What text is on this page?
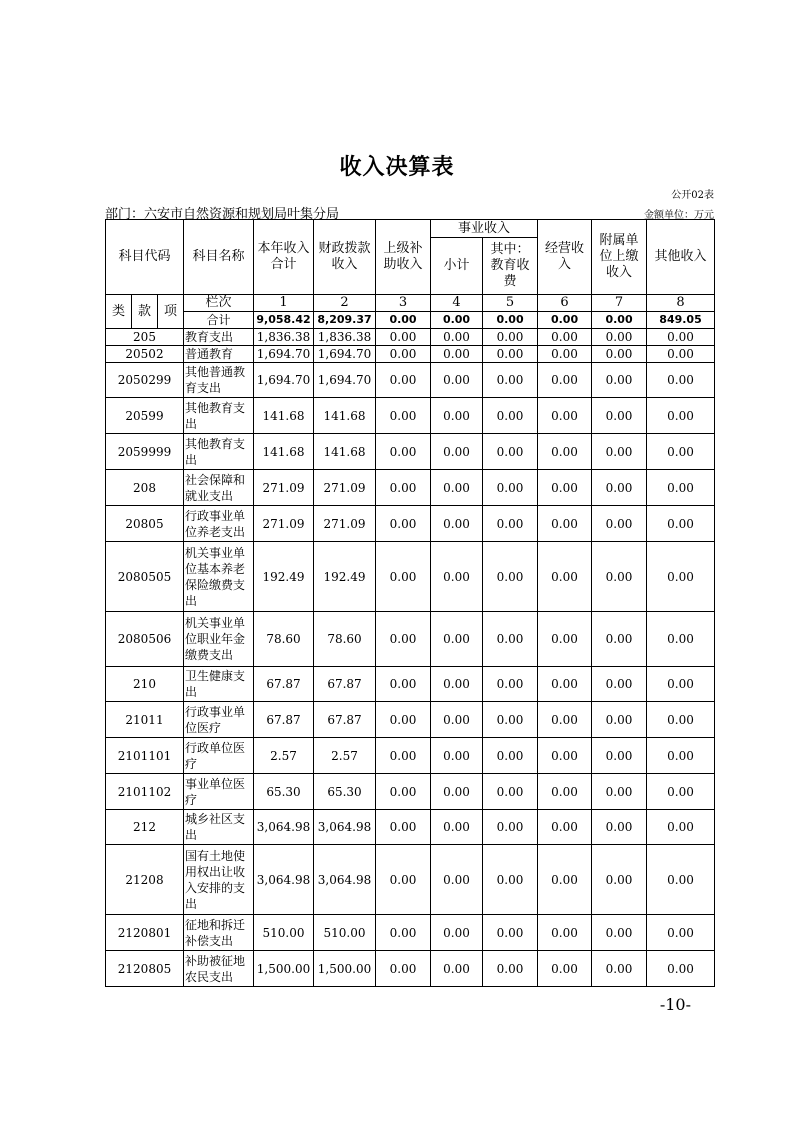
收入决算表
公开02表
部门：六安市自然资源和规划局叶集分局	金额单位：万元
科目代码			科目名称	本年收入合计	财政拨款收入	上级补助收入	事业收入		经营收入	附属单位上缴收入	其他收入
							小计	其中：教育收费			
类	款	项	栏次	1	2	3	4	5	6	7	8
			合计	9,058.42	8,209.37	0.00	0.00	0.00	0.00	0.00	849.05
205			教育支出	1,836.38	1,836.38	0.00	0.00	0.00	0.00	0.00	0.00
20502			普通教育	1,694.70	1,694.70	0.00	0.00	0.00	0.00	0.00	0.00
2050299			其他普通教育支出	1,694.70	1,694.70	0.00	0.00	0.00	0.00	0.00	0.00
20599			其他教育支出	141.68	141.68	0.00	0.00	0.00	0.00	0.00	0.00
2059999			其他教育支出	141.68	141.68	0.00	0.00	0.00	0.00	0.00	0.00
208			社会保障和就业支出	271.09	271.09	0.00	0.00	0.00	0.00	0.00	0.00
20805			行政事业单位养老支出	271.09	271.09	0.00	0.00	0.00	0.00	0.00	0.00
2080505			机关事业单位基本养老保险缴费支出	192.49	192.49	0.00	0.00	0.00	0.00	0.00	0.00
2080506			机关事业单位职业年金缴费支出	78.60	78.60	0.00	0.00	0.00	0.00	0.00	0.00
210			卫生健康支出	67.87	67.87	0.00	0.00	0.00	0.00	0.00	0.00
21011			行政事业单位医疗	67.87	67.87	0.00	0.00	0.00	0.00	0.00	0.00
2101101			行政单位医疗	2.57	2.57	0.00	0.00	0.00	0.00	0.00	0.00
2101102			事业单位医疗	65.30	65.30	0.00	0.00	0.00	0.00	0.00	0.00
212			城乡社区支出	3,064.98	3,064.98	0.00	0.00	0.00	0.00	0.00	0.00
21208			国有土地使用权出让收入安排的支出	3,064.98	3,064.98	0.00	0.00	0.00	0.00	0.00	0.00
2120801			征地和拆迁补偿支出	510.00	510.00	0.00	0.00	0.00	0.00	0.00	0.00
2120805			补助被征地农民支出	1,500.00	1,500.00	0.00	0.00	0.00	0.00	0.00	0.00
-10-
